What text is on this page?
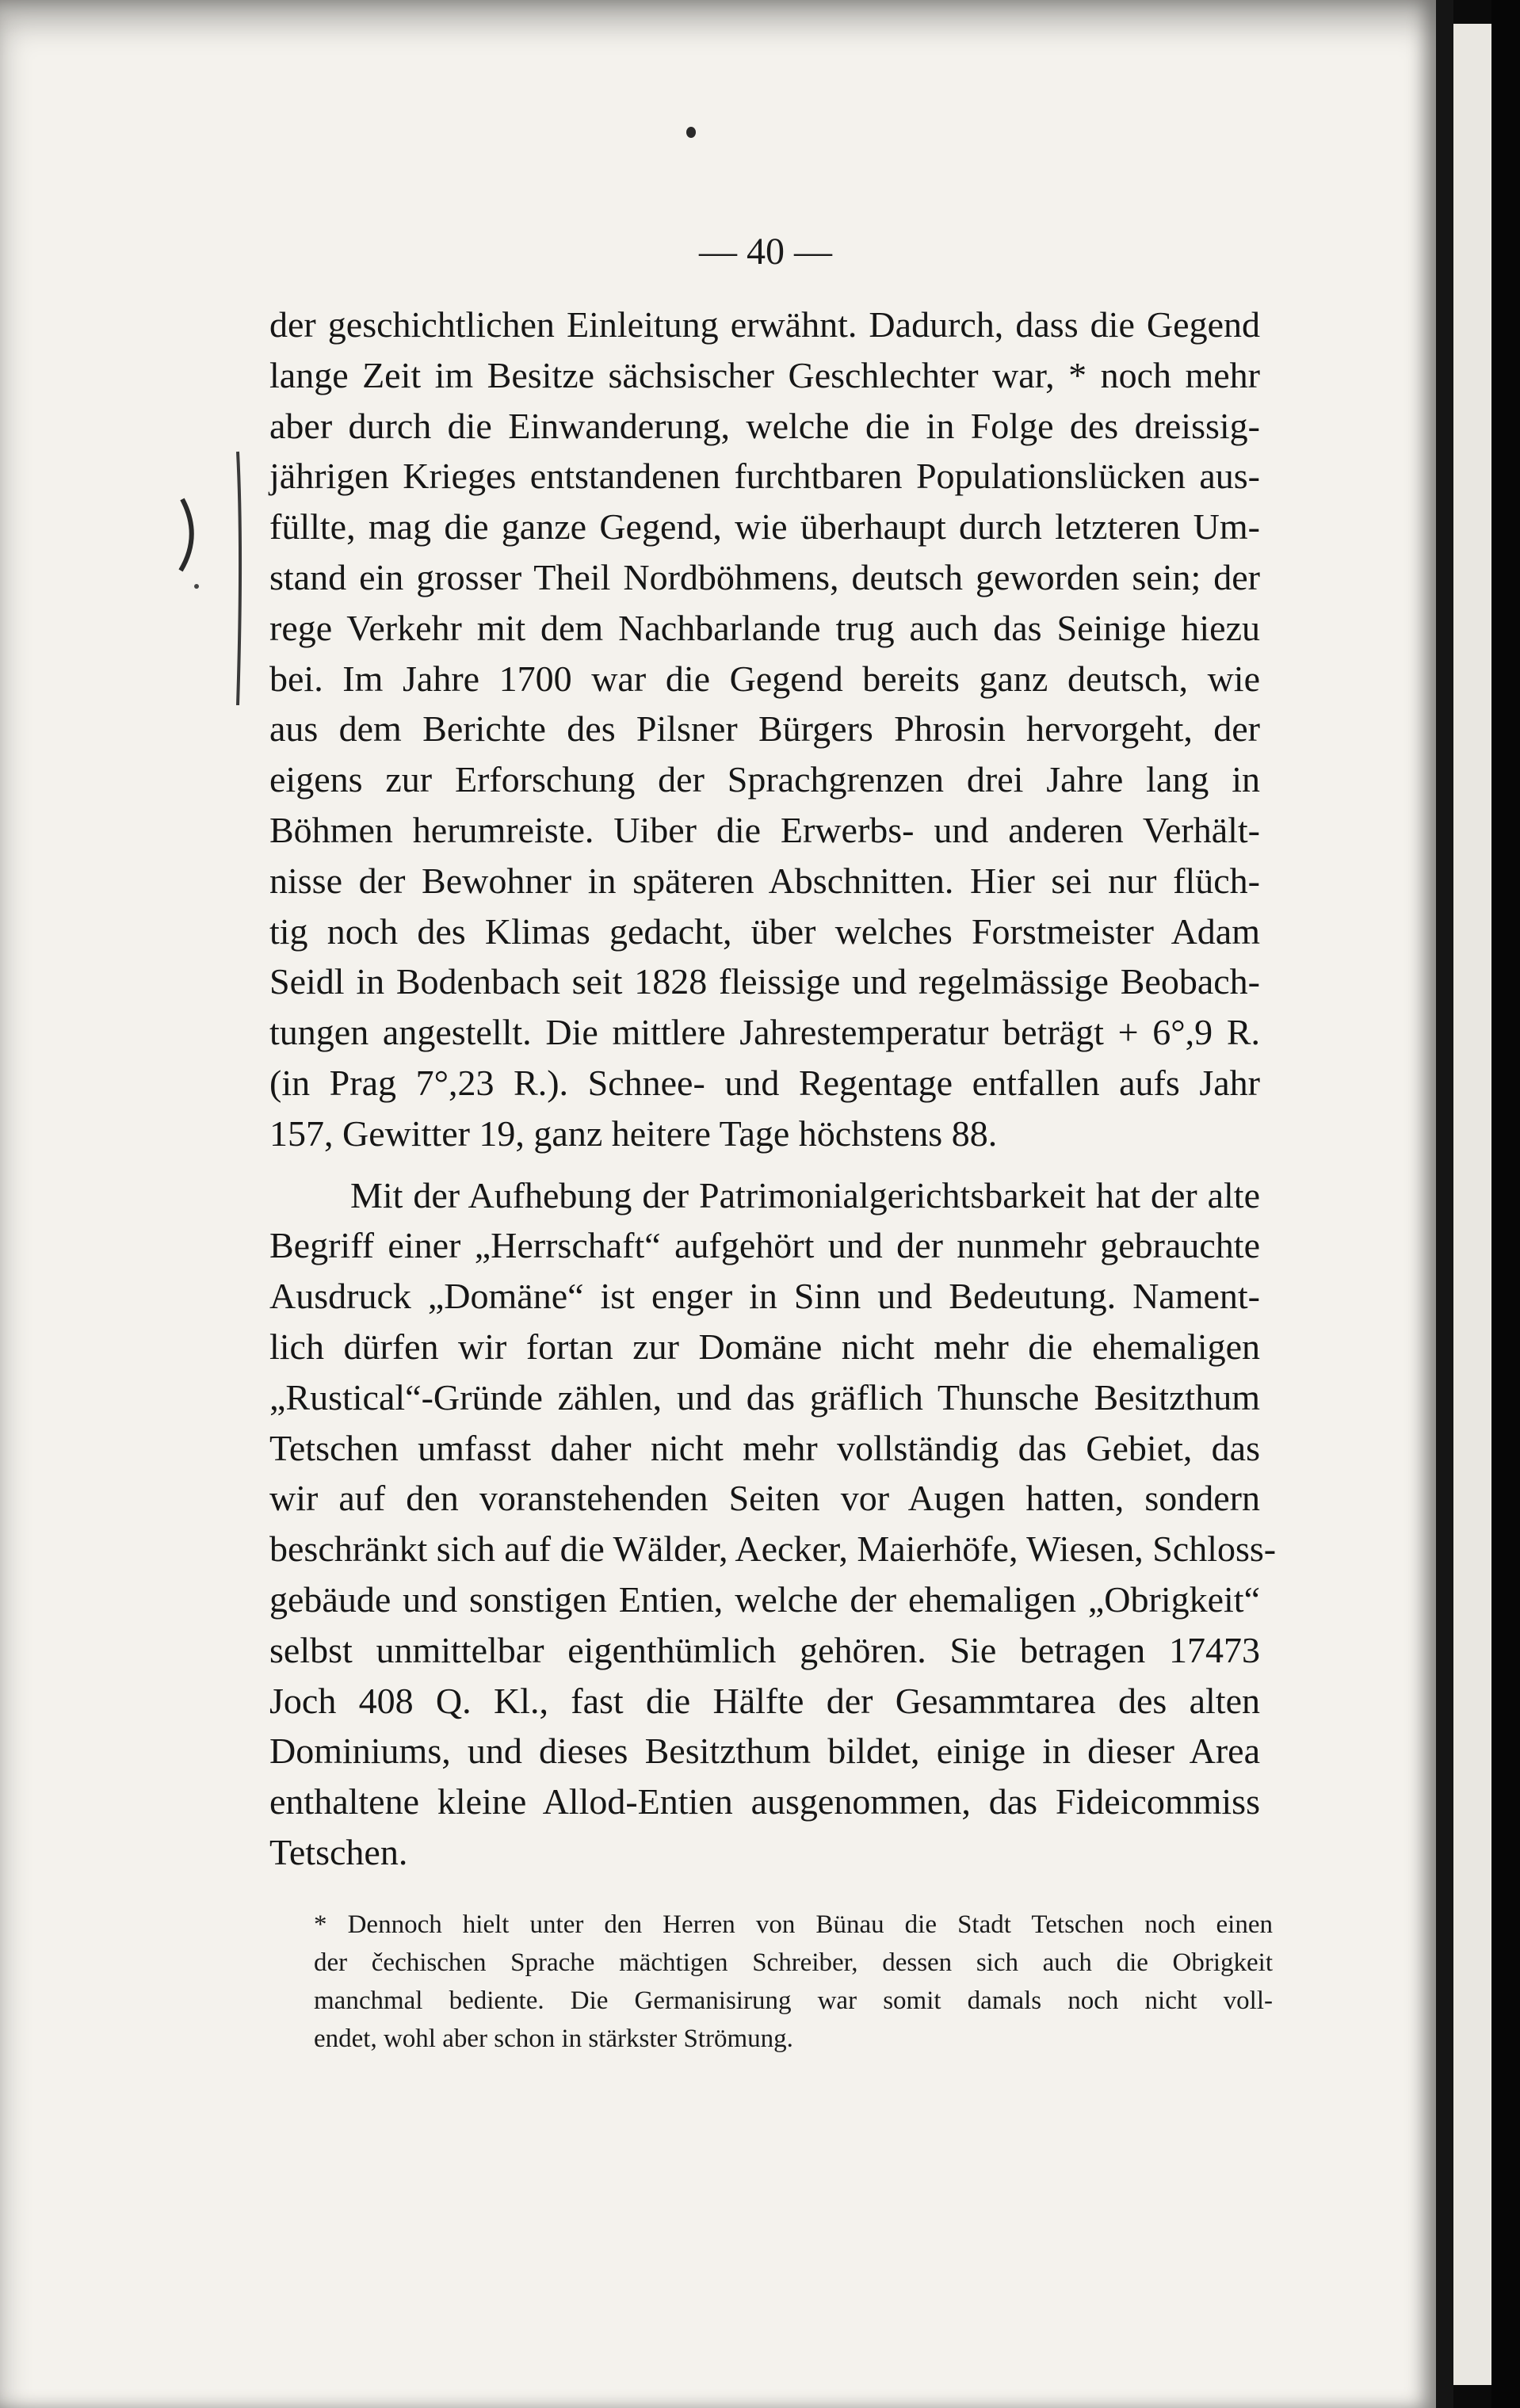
— 40 —
der geschichtlichen Einleitung erwähnt. Dadurch, dass die Gegend
lange Zeit im Besitze sächsischer Geschlechter war, * noch mehr
aber durch die Einwanderung, welche die in Folge des dreissig-
jährigen Krieges entstandenen furchtbaren Populationslücken aus-
füllte, mag die ganze Gegend, wie überhaupt durch letzteren Um-
stand ein grosser Theil Nordböhmens, deutsch geworden sein; der
rege Verkehr mit dem Nachbarlande trug auch das Seinige hiezu
bei. Im Jahre 1700 war die Gegend bereits ganz deutsch, wie
aus dem Berichte des Pilsner Bürgers Phrosin hervorgeht, der
eigens zur Erforschung der Sprachgrenzen drei Jahre lang in
Böhmen herumreiste. Uiber die Erwerbs- und anderen Verhält-
nisse der Bewohner in späteren Abschnitten. Hier sei nur flüch-
tig noch des Klimas gedacht, über welches Forstmeister Adam
Seidl in Bodenbach seit 1828 fleissige und regelmässige Beobach-
tungen angestellt. Die mittlere Jahrestemperatur beträgt + 6°,9 R.
(in Prag 7°,23 R.). Schnee- und Regentage entfallen aufs Jahr
157, Gewitter 19, ganz heitere Tage höchstens 88.
Mit der Aufhebung der Patrimonialgerichtsbarkeit hat der alte
Begriff einer „Herrschaft“ aufgehört und der nunmehr gebrauchte
Ausdruck „Domäne“ ist enger in Sinn und Bedeutung. Nament-
lich dürfen wir fortan zur Domäne nicht mehr die ehemaligen
„Rustical“-Gründe zählen, und das gräflich Thunsche Besitzthum
Tetschen umfasst daher nicht mehr vollständig das Gebiet, das
wir auf den voranstehenden Seiten vor Augen hatten, sondern
beschränkt sich auf die Wälder, Aecker, Maierhöfe, Wiesen, Schloss-
gebäude und sonstigen Entien, welche der ehemaligen „Obrigkeit“
selbst unmittelbar eigenthümlich gehören. Sie betragen 17473
Joch 408 Q. Kl., fast die Hälfte der Gesammtarea des alten
Dominiums, und dieses Besitzthum bildet, einige in dieser Area
enthaltene kleine Allod-Entien ausgenommen, das Fideicommiss
Tetschen.
* Dennoch hielt unter den Herren von Bünau die Stadt Tetschen noch einen
der čechischen Sprache mächtigen Schreiber, dessen sich auch die Obrigkeit
manchmal bediente. Die Germanisirung war somit damals noch nicht voll-
endet, wohl aber schon in stärkster Strömung.
